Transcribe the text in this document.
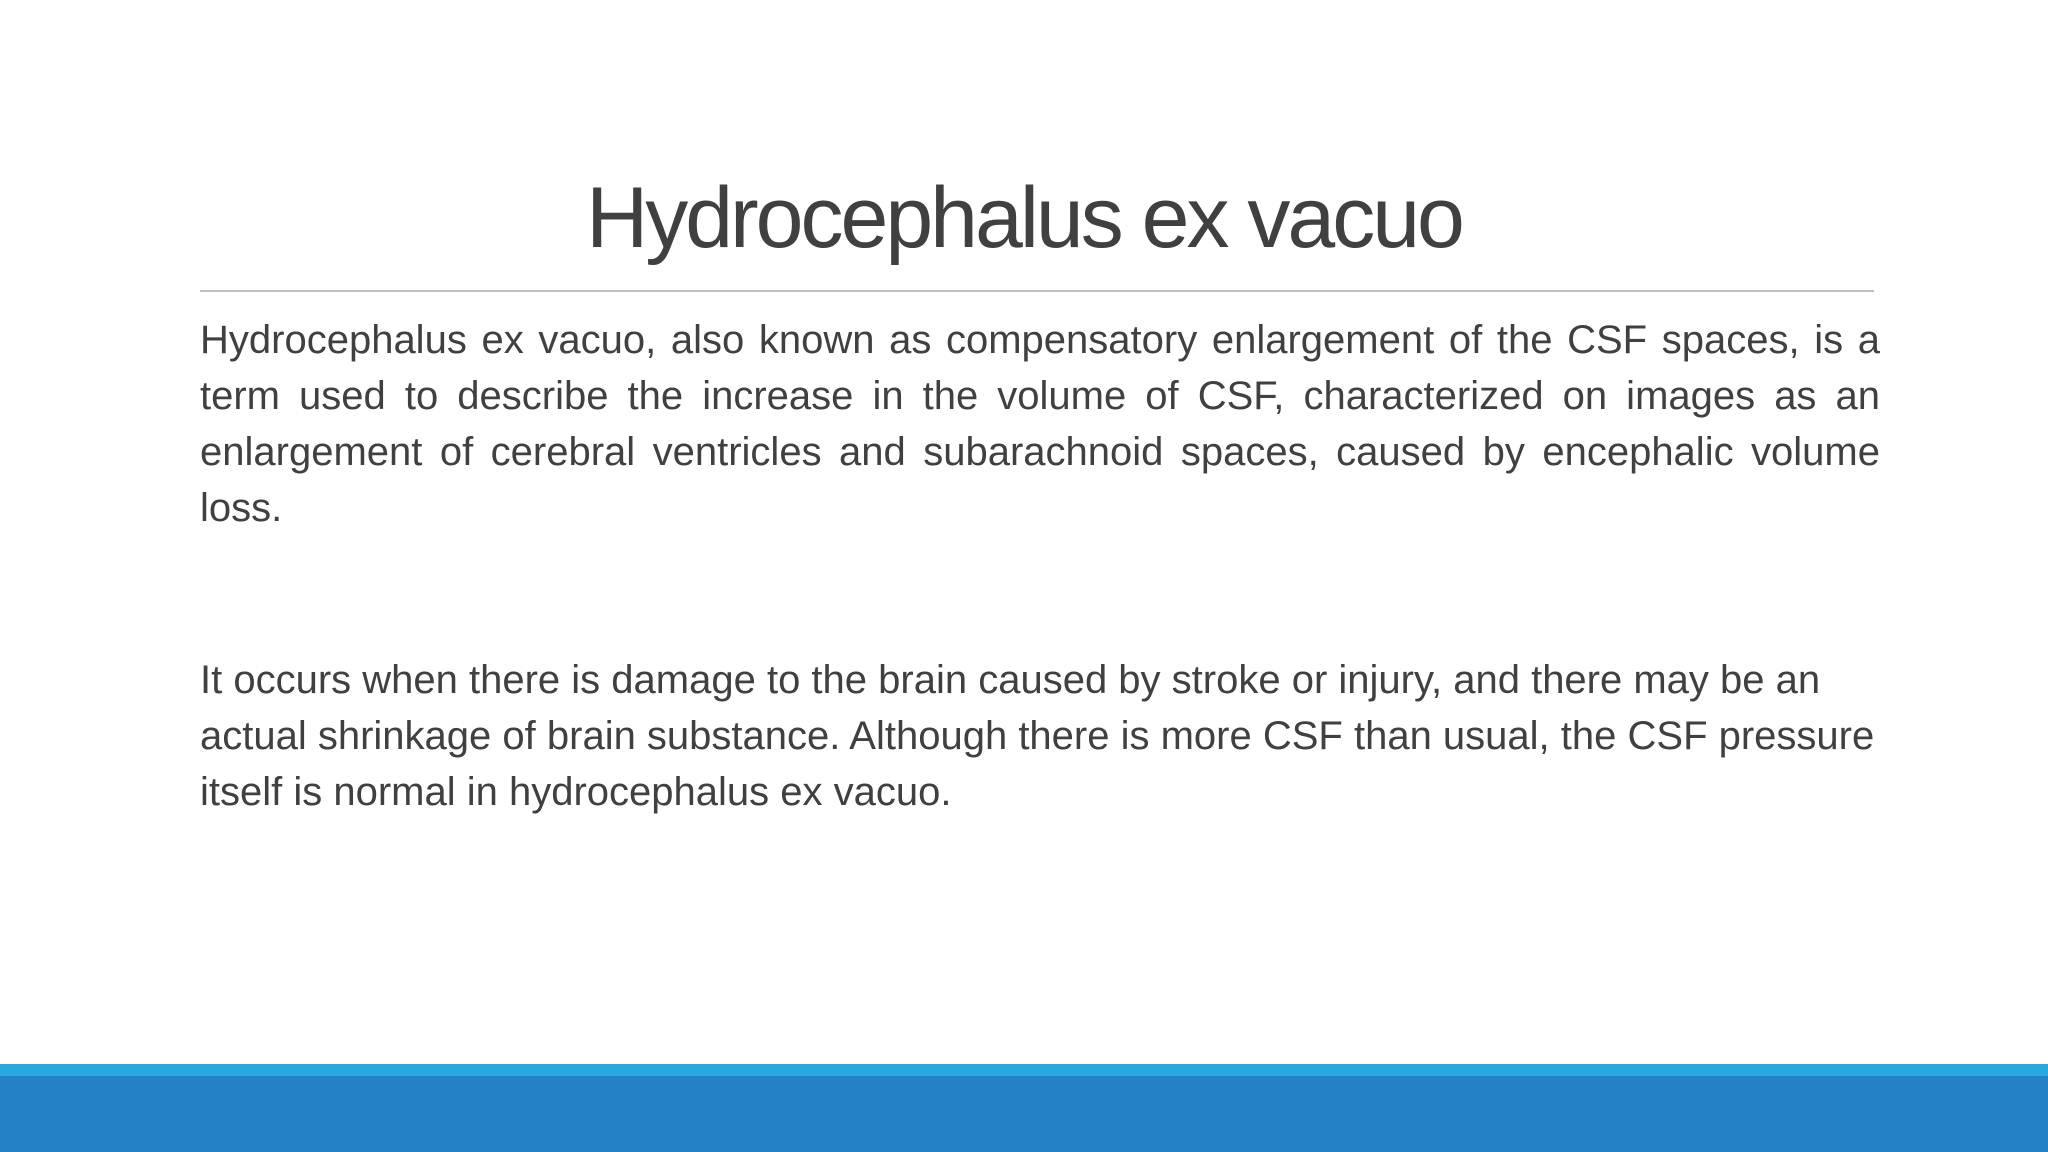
Hydrocephalus ex vacuo

Hydrocephalus ex vacuo, also known as compensatory enlargement of the CSF spaces, is a term used to describe the increase in the volume of CSF, characterized on images as an enlargement of cerebral ventricles and subarachnoid spaces, caused by encephalic volume loss.

It occurs when there is damage to the brain caused by stroke or injury, and there may be an actual shrinkage of brain substance. Although there is more CSF than usual, the CSF pressure itself is normal in hydrocephalus ex vacuo.
